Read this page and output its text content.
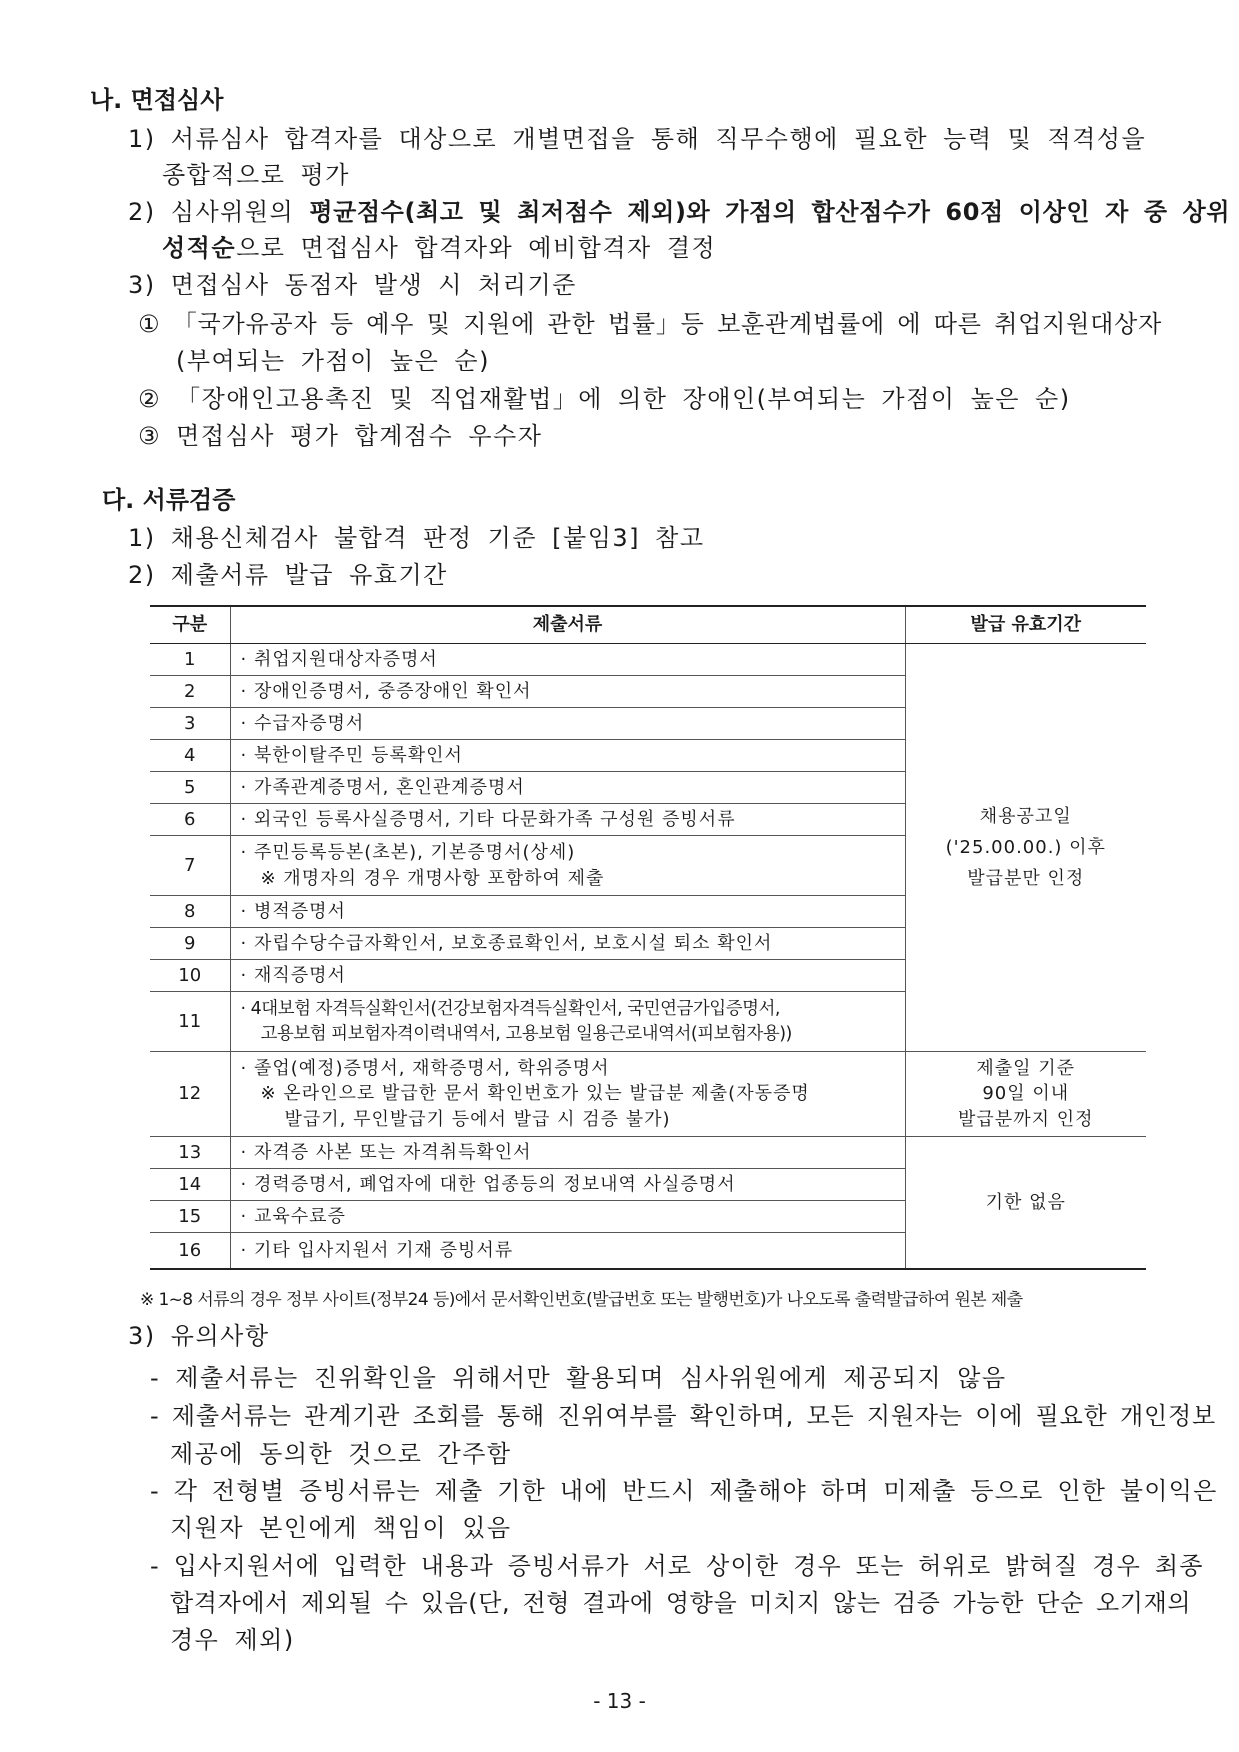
나. 면접심사
1) 서류심사 합격자를 대상으로 개별면접을 통해 직무수행에 필요한 능력 및 적격성을
종합적으로 평가
2) 심사위원의 평균점수(최고 및 최저점수 제외)와 가점의 합산점수가 60점 이상인 자 중 상위
성적순으로 면접심사 합격자와 예비합격자 결정
3) 면접심사 동점자 발생 시 처리기준
① 「국가유공자 등 예우 및 지원에 관한 법률」등 보훈관계법률에 에 따른 취업지원대상자
(부여되는 가점이 높은 순)
② 「장애인고용촉진 및 직업재활법」에 의한 장애인(부여되는 가점이 높은 순)
③ 면접심사 평가 합계점수 우수자
다. 서류검증
1) 채용신체검사 불합격 판정 기준 [붙임3] 참고
2) 제출서류 발급 유효기간
구분	제출서류	발급 유효기간
1	· 취업지원대상자증명서	채용공고일
('25.00.00.) 이후
발급분만 인정

2	· 장애인증명서, 중증장애인 확인서	
3	· 수급자증명서	
4	· 북한이탈주민 등록확인서	
5	· 가족관계증명서, 혼인관계증명서	
6	· 외국인 등록사실증명서, 기타 다문화가족 구성원 증빙서류	
7	· 주민등록등본(초본), 기본증명서(상세)
※ 개명자의 경우 개명사항 포함하여 제출	

8	· 병적증명서	
9	· 자립수당수급자확인서, 보호종료확인서, 보호시설 퇴소 확인서	
10	· 재직증명서	
11	· 4대보험 자격득실확인서(건강보험자격득실확인서, 국민연금가입증명서,
고용보험 피보험자격이력내역서, 고용보험 일용근로내역서(피보험자용))	

12	· 졸업(예정)증명서, 재학증명서, 학위증명서
※ 온라인으로 발급한 문서 확인번호가 있는 발급분 제출(자동증명
발급기, 무인발급기 등에서 발급 시 검증 불가)	제출일 기준
90일 이내
발급분까지 인정

13	· 자격증 사본 또는 자격취득확인서	기한 없음
14	· 경력증명서, 폐업자에 대한 업종등의 정보내역 사실증명서	
15	· 교육수료증	
16	· 기타 입사지원서 기재 증빙서류	
※ 1~8 서류의 경우 정부 사이트(정부24 등)에서 문서확인번호(발급번호 또는 발행번호)가 나오도록 출력발급하여 원본 제출
3) 유의사항
- 제출서류는 진위확인을 위해서만 활용되며 심사위원에게 제공되지 않음
- 제출서류는 관계기관 조회를 통해 진위여부를 확인하며, 모든 지원자는 이에 필요한 개인정보
제공에 동의한 것으로 간주함
- 각 전형별 증빙서류는 제출 기한 내에 반드시 제출해야 하며 미제출 등으로 인한 불이익은
지원자 본인에게 책임이 있음
- 입사지원서에 입력한 내용과 증빙서류가 서로 상이한 경우 또는 허위로 밝혀질 경우 최종
합격자에서 제외될 수 있음(단, 전형 결과에 영향을 미치지 않는 검증 가능한 단순 오기재의
경우 제외)
- 13 -
